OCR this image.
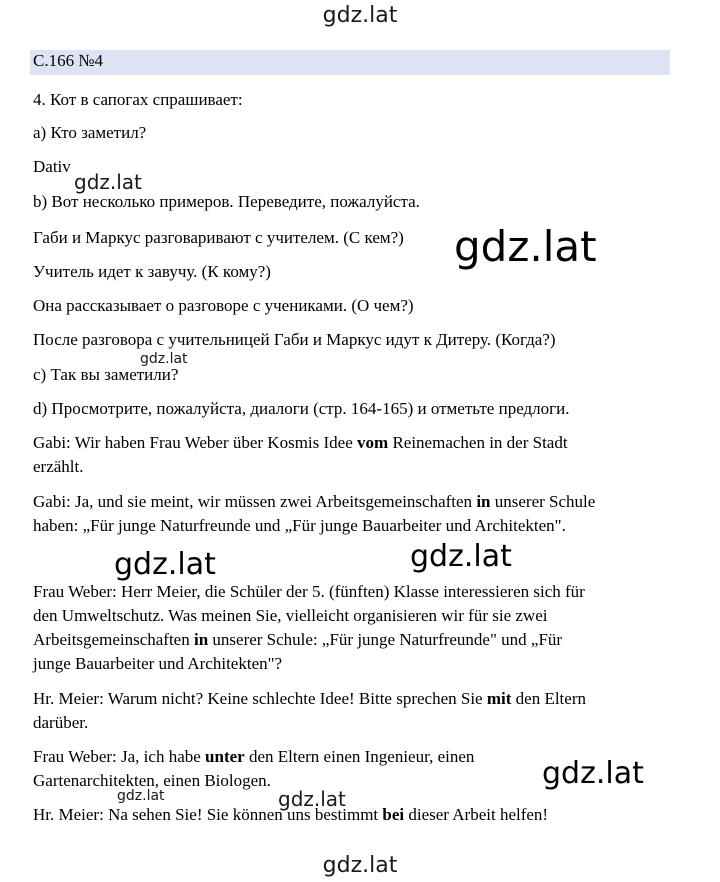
gdz.lat
С.166 №4
4. Кот в сапогах спрашивает:
a) Кто заметил?
Dativ
b) Вот несколько примеров. Переведите, пожалуйста.
Габи и Маркус разговаривают с учителем. (С кем?)
Учитель идет к завучу. (К кому?)
Она рассказывает о разговоре с учениками. (О чем?)
После разговора с учительницей Габи и Маркус идут к Дитеру. (Когда?)
c) Так вы заметили?
d) Просмотрите, пожалуйста, диалоги (стр. 164-165) и отметьте предлоги.
Gabi: Wir haben Frau Weber über Kosmis Idee vom Reinemachen in der Stadt
erzählt.
Gabi: Ja, und sie meint, wir müssen zwei Arbeitsgemeinschaften in unserer Schule
haben: „Für junge Naturfreunde und „Für junge Bauarbeiter und Architekten".
Frau Weber: Herr Meier, die Schüler der 5. (fünften) Klasse interessieren sich für
den Umweltschutz. Was meinen Sie, vielleicht organisieren wir für sie zwei
Arbeitsgemeinschaften in unserer Schule: „Für junge Naturfreunde" und „Für
junge Bauarbeiter und Architekten"?
Hr. Meier: Warum nicht? Keine schlechte Idee! Bitte sprechen Sie mit den Eltern
darüber.
Frau Weber: Ja, ich habe unter den Eltern einen Ingenieur, einen
Gartenarchitekten, einen Biologen.
Hr. Meier: Na sehen Sie! Sie können uns bestimmt bei dieser Arbeit helfen!
gdz.lat
gdz.lat
gdz.lat
gdz.lat	gdz.lat
gdz.lat
gdz.lat	gdz.lat
gdz.lat
